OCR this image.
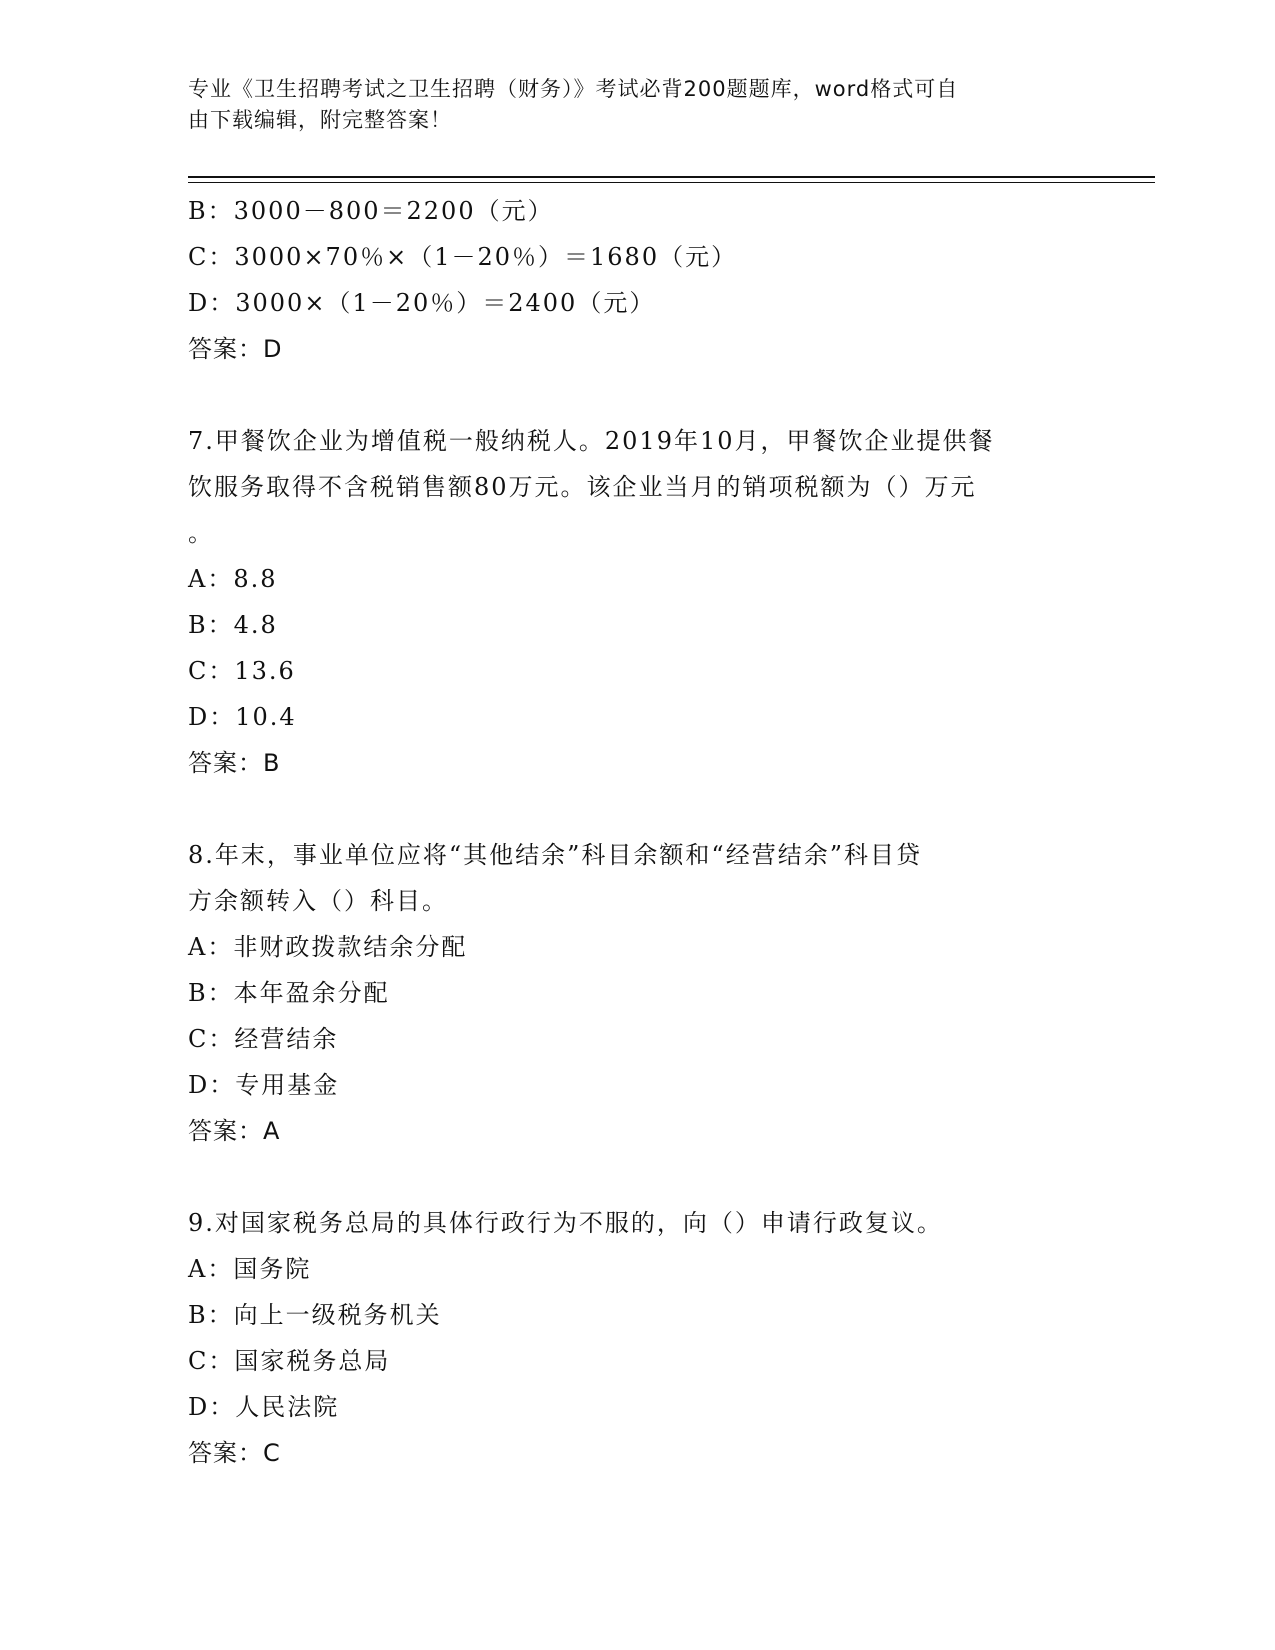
专业《卫生招聘考试之卫生招聘（财务）》考试必背200题题库，word格式可自
由下载编辑，附完整答案！
B：3000－800＝2200（元）
C：3000×70％×（1－20％）＝1680（元）
D：3000×（1－20％）＝2400（元）
答案：D
7.甲餐饮企业为增值税一般纳税人。2019年10月，甲餐饮企业提供餐
饮服务取得不含税销售额80万元。该企业当月的销项税额为（）万元
。
A：8.8
B：4.8
C：13.6
D：10.4
答案：B
8.年末，事业单位应将“其他结余”科目余额和“经营结余”科目贷
方余额转入（）科目。
A：非财政拨款结余分配
B：本年盈余分配
C：经营结余
D：专用基金
答案：A
9.对国家税务总局的具体行政行为不服的，向（）申请行政复议。
A：国务院
B：向上一级税务机关
C：国家税务总局
D：人民法院
答案：C
